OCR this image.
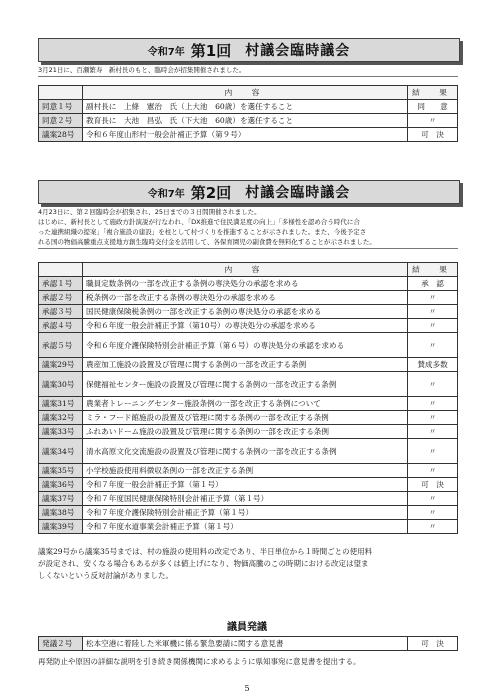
令和7年 第1回 村議会臨時議会
3月21日に、百瀬繁寿　新村長のもと、臨時会が招集開催されました。
	内　容	結　果
同意１号	副村長に　上條　憲治　氏（上大池　60歳）を選任すること	同　　意
同意２号	教育長に　大池　昌弘　氏（下大池　60歳）を選任すること	〃
議案28号	令和６年度山形村一般会計補正予算（第９号）	可　決
令和7年 第2回 村議会臨時議会
4月23日に、第２回臨時会が招集され、25日までの３日間開催されました。
はじめに、新村長として施政方針演説が行なわれ、「DX推進で住民満足度の向上」「多様性を認め合う時代に合
った連携組織の提案」「複合施設の建設」を柱として村づくりを推進することが示されました。また、今後予定さ
れる国の物価高騰重点支援地方創生臨時交付金を活用して、各保育園児の副食費を無料化することが示されました。
	内　容	結　果
承認１号	職員定数条例の一部を改正する条例の専決処分の承認を求める	承　認
承認２号	税条例の一部を改正する条例の専決処分の承認を求める	〃
承認３号	国民健康保険税条例の一部を改正する条例の専決処分の承認を求める	〃
承認４号	令和６年度一般会計補正予算（第10号）の専決処分の承認を求める	〃
承認５号	令和６年度介護保険特別会計補正予算（第６号）の専決処分の承認を求める	〃
議案29号	農産加工施設の設置及び管理に関する条例の一部を改正する条例	賛成多数
議案30号	保健福祉センター施設の設置及び管理に関する条例の一部を改正する条例	〃
議案31号	農業者トレーニングセンター施設条例の一部を改正する条例について	〃
議案32号	ミラ・フード館施設の設置及び管理に関する条例の一部を改正する条例	〃
議案33号	ふれあいドーム施設の設置及び管理に関する条例の一部を改正する条例	〃
議案34号	清水高原文化交流施設の設置及び管理に関する条例の一部を改正する条例	〃
議案35号	小学校施設使用料徴収条例の一部を改正する条例	〃
議案36号	令和７年度一般会計補正予算（第１号）	可　決
議案37号	令和７年度国民健康保険特別会計補正予算（第１号）	〃
議案38号	令和７年度介護保険特別会計補正予算（第１号）	〃
議案39号	令和７年度水道事業会計補正予算（第１号）	〃
議案29号から議案35号までは、村の施設の使用料の改定であり、半日単位から１時間ごとの使用料
が設定され、安くなる場合もあるが多くは値上げになり、物価高騰のこの時期における改定は望ま
しくないという反対討論がありました。
議員発議
発議２号	松本空港に着陸した米軍機に係る緊急要請に関する意見書	可　決
再発防止や原因の詳細な説明を引き続き関係機関に求めるように県知事宛に意見書を提出する。
5
